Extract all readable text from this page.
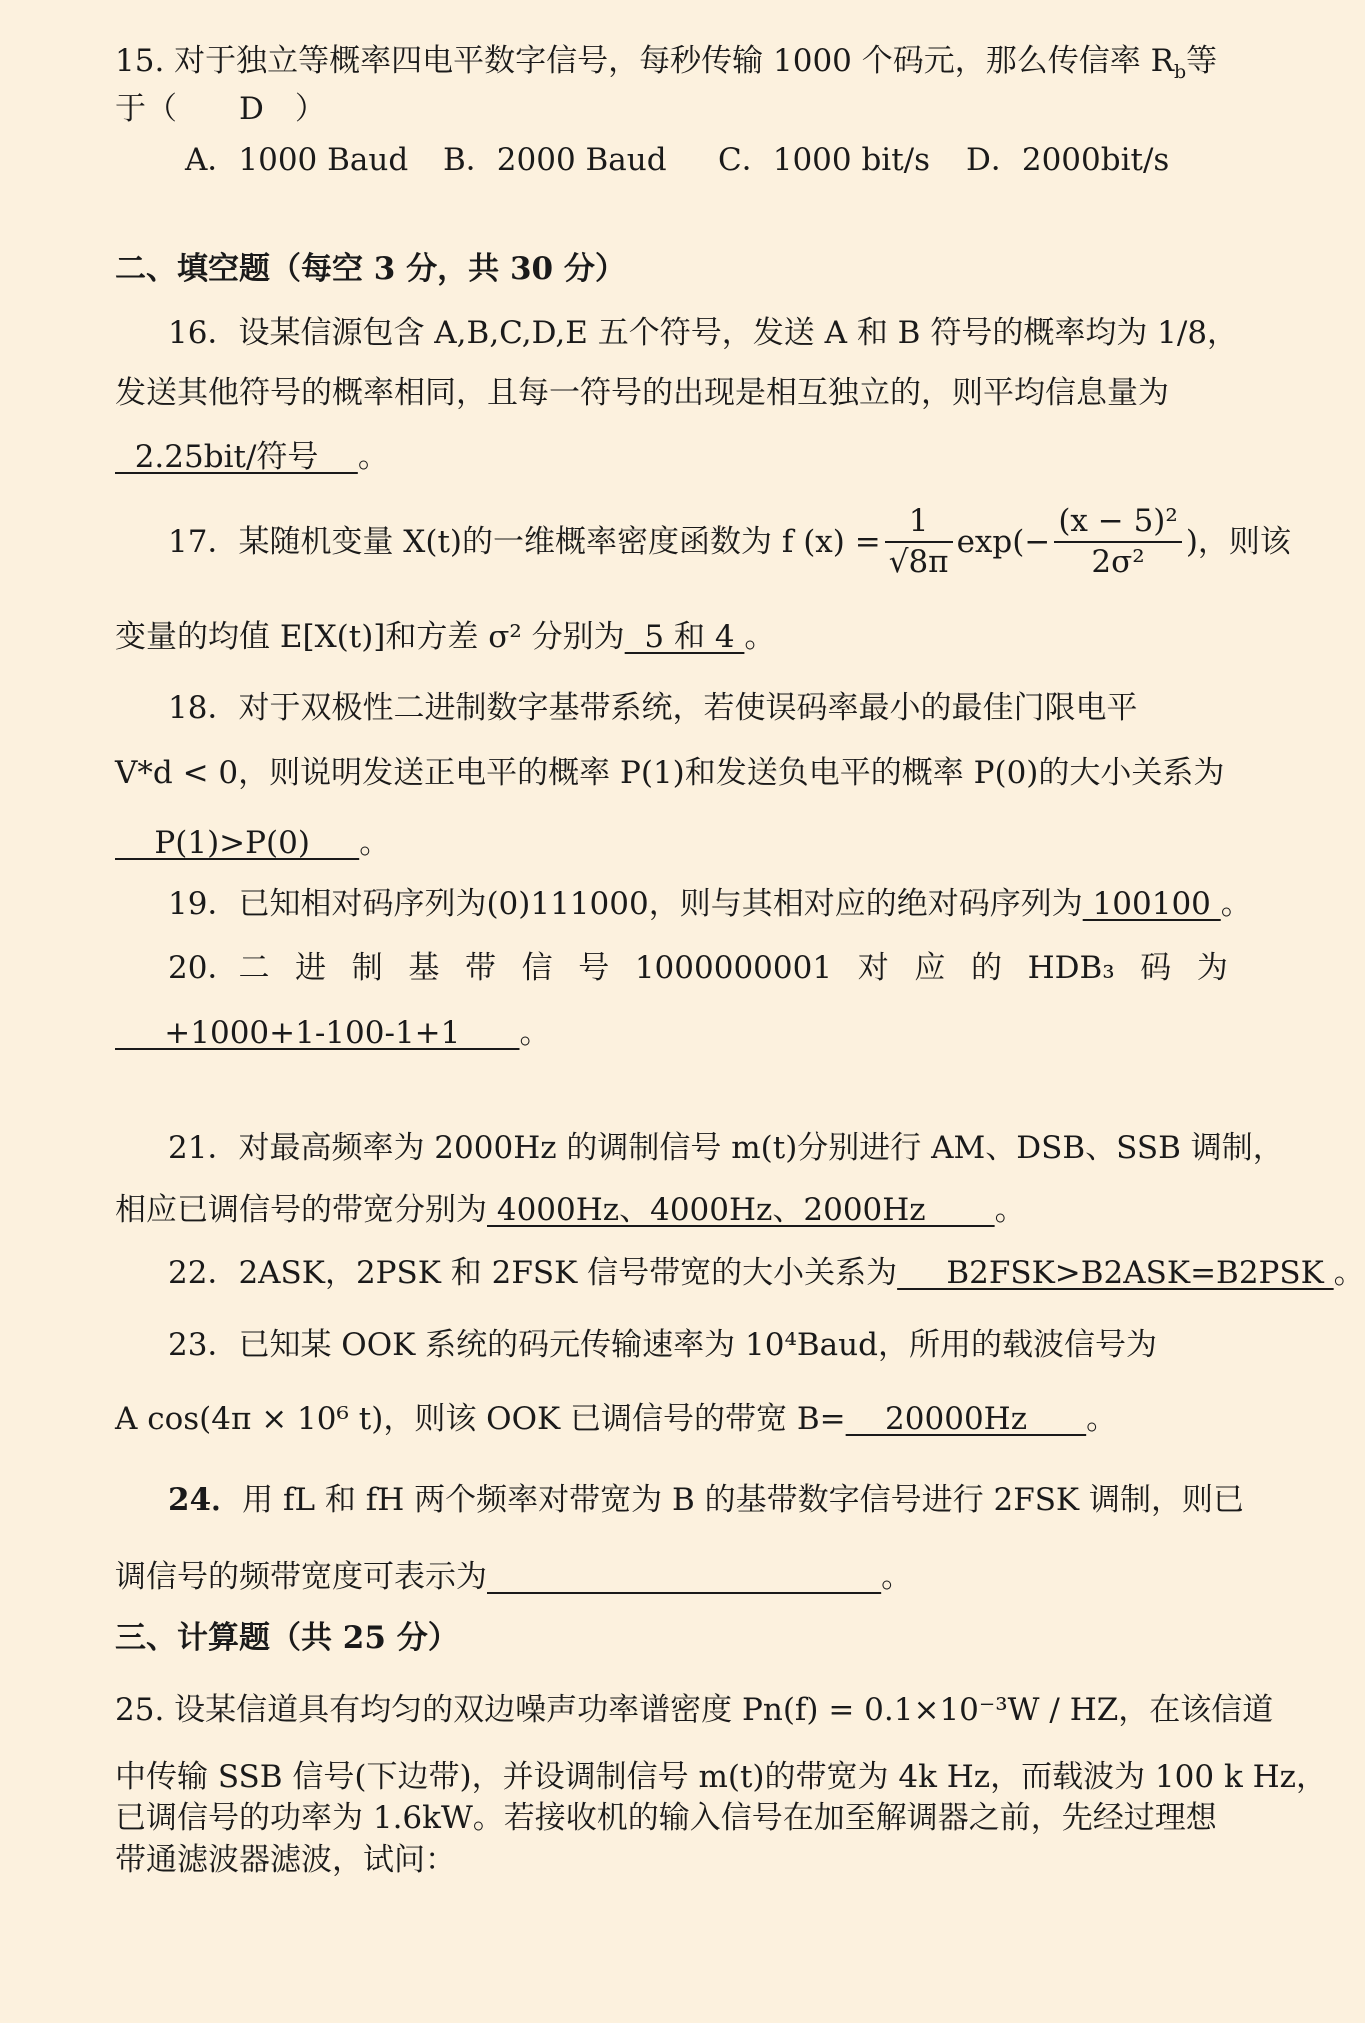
15. 对于独立等概率四电平数字信号，每秒传输 1000 个码元，那么传信率 $R_b$等
于（　　D　）
A．1000 Baud B．2000 Baud C．1000 bit/s D．2000bit/s
二、填空题（每空 3 分，共 30 分）
16．设某信源包含 A,B,C,D,E 五个符号，发送 A 和 B 符号的概率均为 1/8，
发送其他符号的概率相同，且每一符号的出现是相互独立的，则平均信息量为
2.25bit/符号    。
17．某随机变量 X(t)的一维概率密度函数为 f $(x) = \frac{1}{√8\pi} \exp(- \frac{\text{(x − 5)²}}{\text{2σ²}}$ )，则该
变量的均值 E[X(t)]和方差 σ² 分别为  5 和 4 。
18．对于双极性二进制数字基带系统，若使误码率最小的最佳门限电平
V*d < 0，则说明发送正电平的概率 P(1)和发送负电平的概率 P(0)的大小关系为
P(1)>P(0)     。
19．已知相对码序列为(0)111000，则与其相对应的绝对码序列为 100100 。
20．二 进 制 基 带 信 号 1000000001 对 应 的 HDB₃ 码 为
+1000+1-100-1+1      。
21．对最高频率为 2000Hz 的调制信号 m(t)分别进行 AM、DSB、SSB 调制，
相应已调信号的带宽分别为 4000Hz、4000Hz、2000Hz       。
22．2ASK，2PSK 和 2FSK 信号带宽的大小关系为     B2FSK>B2ASK=B2PSK 。
23．已知某 OOK 系统的码元传输速率为 10⁴Baud，所用的载波信号为
A cos(4π × 10⁶ t)，则该 OOK 已调信号的带宽 B=    20000Hz      。
24．用 fL 和 fH 两个频率对带宽为 B 的基带数字信号进行 2FSK 调制，则已
调信号的频带宽度可表示为	。
三、计算题（共 25 分）
25. 设某信道具有均匀的双边噪声功率谱密度 Pn(f) = 0.1×10⁻³W / HZ，在该信道
中传输 SSB 信号(下边带)，并设调制信号 m(t)的带宽为 4k Hz，而载波为 100 k Hz，
已调信号的功率为 1.6kW。若接收机的输入信号在加至解调器之前，先经过理想
带通滤波器滤波，试问：
